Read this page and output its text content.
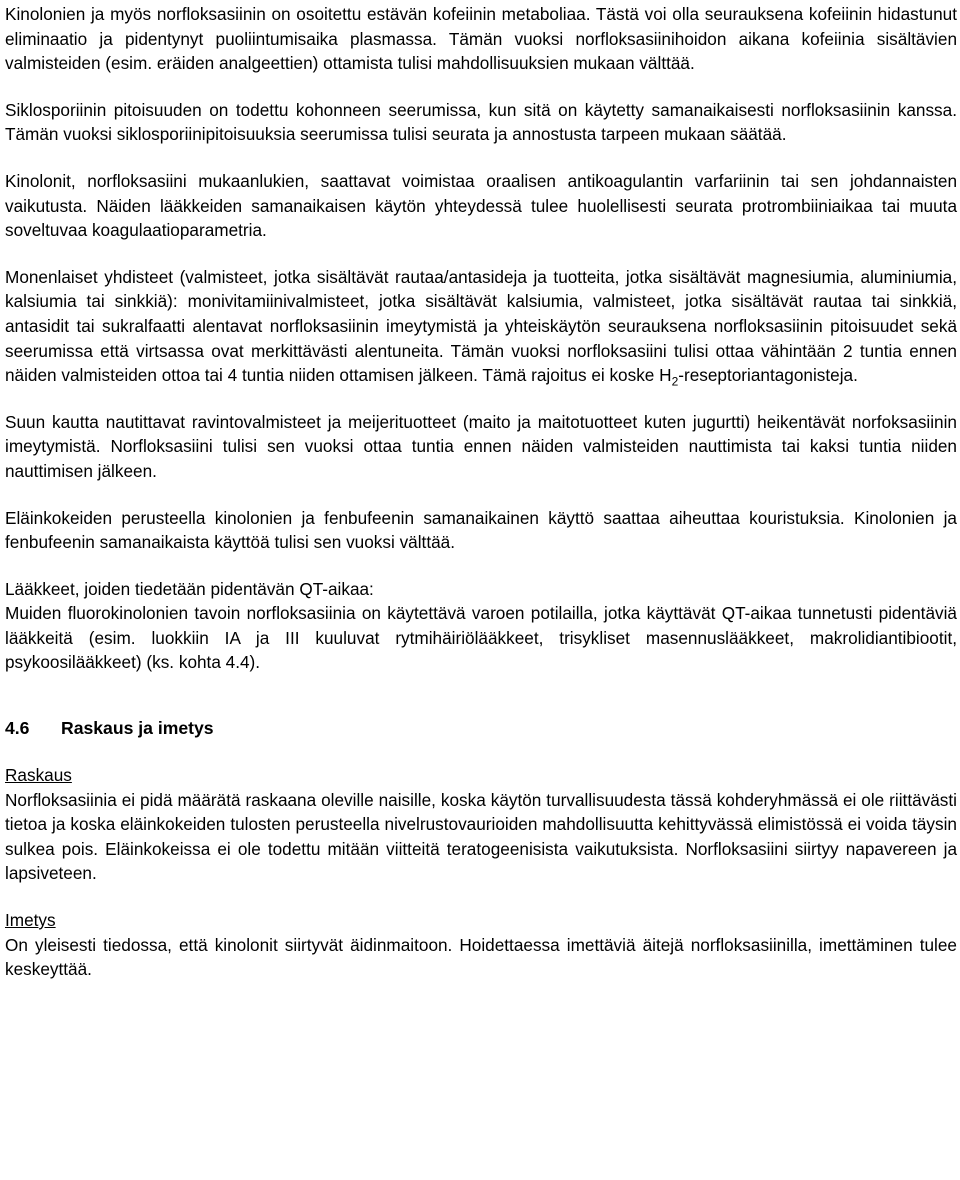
Kinolonien ja myös norfloksasiinin on osoitettu estävän kofeiinin metaboliaa. Tästä voi olla seurauksena kofeiinin hidastunut eliminaatio ja pidentynyt puoliintumisaika plasmassa. Tämän vuoksi norfloksasiinihoidon aikana kofeiinia sisältävien valmisteiden (esim. eräiden analgeettien) ottamista tulisi mahdollisuuksien mukaan välttää.

Siklosporiinin pitoisuuden on todettu kohonneen seerumissa, kun sitä on käytetty samanaikaisesti norfloksasiinin kanssa. Tämän vuoksi siklosporiinipitoisuuksia seerumissa tulisi seurata ja annostusta tarpeen mukaan säätää.

Kinolonit, norfloksasiini mukaanlukien, saattavat voimistaa oraalisen antikoagulantin varfariinin tai sen johdannaisten vaikutusta. Näiden lääkkeiden samanaikaisen käytön yhteydessä tulee huolellisesti seurata protrombiiniaikaa tai muuta soveltuvaa koagulaatioparametria.

Monenlaiset yhdisteet (valmisteet, jotka sisältävät rautaa/antasideja ja tuotteita, jotka sisältävät magnesiumia, aluminiumia, kalsiumia tai sinkkiä): monivitamiinivalmisteet, jotka sisältävät kalsiumia, valmisteet, jotka sisältävät rautaa tai sinkkiä, antasidit tai sukralfaatti alentavat norfloksasiinin imeytymistä ja yhteiskäytön seurauksena norfloksasiinin pitoisuudet sekä seerumissa että virtsassa ovat merkittävästi alentuneita. Tämän vuoksi norfloksasiini tulisi ottaa vähintään 2 tuntia ennen näiden valmisteiden ottoa tai 4 tuntia niiden ottamisen jälkeen. Tämä rajoitus ei koske $H_2$-reseptoriantagonisteja.

Suun kautta nautittavat ravintovalmisteet ja meijerituotteet (maito ja maitotuotteet kuten jugurtti) heikentävät norfoksasiinin imeytymistä. Norfloksasiini tulisi sen vuoksi ottaa tuntia ennen näiden valmisteiden nauttimista tai kaksi tuntia niiden nauttimisen jälkeen.

Eläinkokeiden perusteella kinolonien ja fenbufeenin samanaikainen käyttö saattaa aiheuttaa kouristuksia. Kinolonien ja fenbufeenin samanaikaista käyttöä tulisi sen vuoksi välttää.

Lääkkeet, joiden tiedetään pidentävän QT-aikaa:

Muiden fluorokinolonien tavoin norfloksasiinia on käytettävä varoen potilailla, jotka käyttävät QT-aikaa tunnetusti pidentäviä lääkkeitä (esim. luokkiin IA ja III kuuluvat rytmihäiriölääkkeet, trisykliset masennuslääkkeet, makrolidiantibiootit, psykoosilääkkeet) (ks. kohta 4.4).

4.6 Raskaus ja imetys
Raskaus
Norfloksasiinia ei pidä määrätä raskaana oleville naisille, koska käytön turvallisuudesta tässä kohderyhmässä ei ole riittävästi tietoa ja koska eläinkokeiden tulosten perusteella nivelrustovaurioiden mahdollisuutta kehittyvässä elimistössä ei voida täysin sulkea pois. Eläinkokeissa ei ole todettu mitään viitteitä teratogeenisista vaikutuksista. Norfloksasiini siirtyy napavereen ja lapsiveteen.
Imetys
On yleisesti tiedossa, että kinolonit siirtyvät äidinmaitoon. Hoidettaessa imettäviä äitejä norfloksasiinilla, imettäminen tulee keskeyttää.
